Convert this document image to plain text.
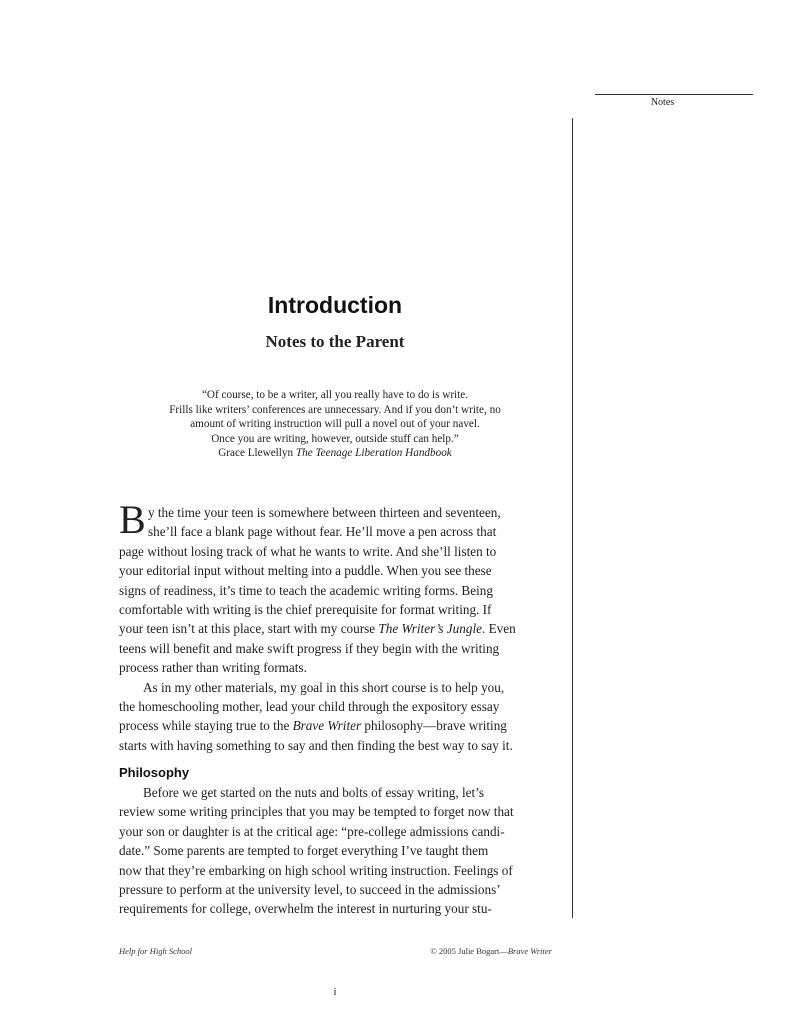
Notes
Introduction
Notes to the Parent
“Of course, to be a writer, all you really have to do is write.
Frills like writers’ conferences are unnecessary. And if you don’t write, no
amount of writing instruction will pull a novel out of your navel.
Once you are writing, however, outside stuff can help.”
Grace Llewellyn The Teenage Liberation Handbook
B y the time your teen is somewhere between thirteen and seventeen,
she’ll face a blank page without fear. He’ll move a pen across that
page without losing track of what he wants to write. And she’ll listen to
your editorial input without melting into a puddle. When you see these
signs of readiness, it’s time to teach the academic writing forms. Being
comfortable with writing is the chief prerequisite for format writing. If
your teen isn’t at this place, start with my course The Writer’s Jungle. Even
teens will benefit and make swift progress if they begin with the writing
process rather than writing formats.
As in my other materials, my goal in this short course is to help you,
the homeschooling mother, lead your child through the expository essay
process while staying true to the Brave Writer philosophy—brave writing
starts with having something to say and then finding the best way to say it.
Philosophy
Before we get started on the nuts and bolts of essay writing, let’s
review some writing principles that you may be tempted to forget now that
your son or daughter is at the critical age: “pre-college admissions candi-
date.” Some parents are tempted to forget everything I’ve taught them
now that they’re embarking on high school writing instruction. Feelings of
pressure to perform at the university level, to succeed in the admissions’
requirements for college, overwhelm the interest in nurturing your stu-
Help for High School	© 2005 Julie Bogart—Brave Writer
i
